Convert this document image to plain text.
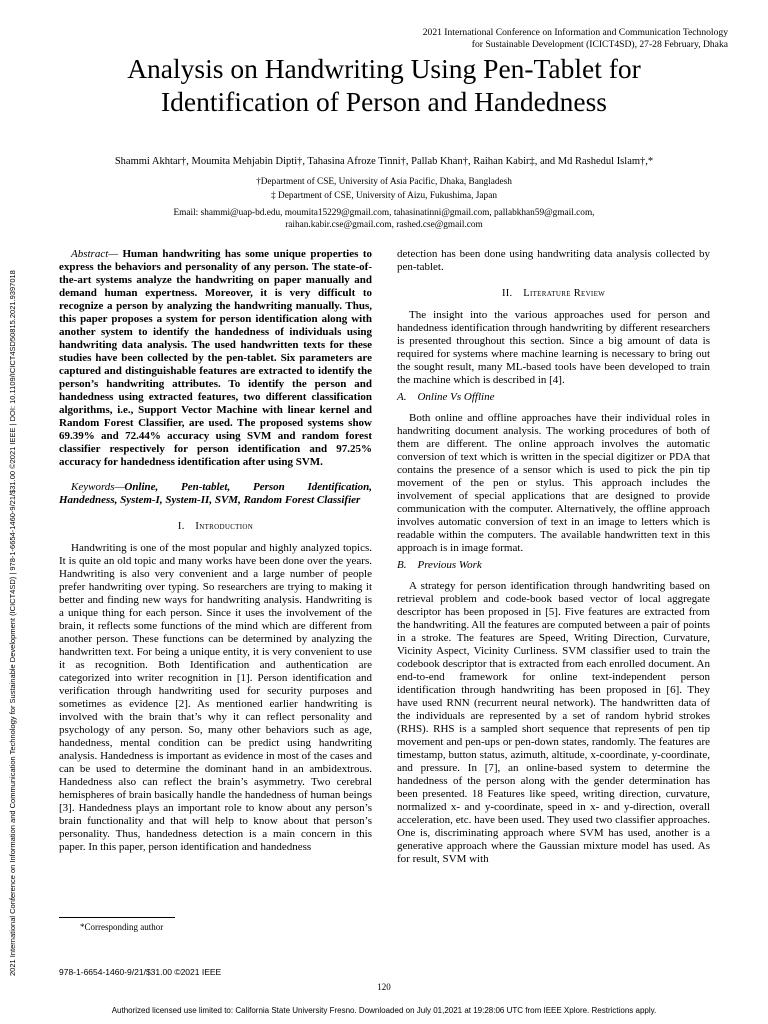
2021 International Conference on Information and Communication Technology
for Sustainable Development (ICICT4SD), 27-28 February, Dhaka
Analysis on Handwriting Using Pen-Tablet for
Identification of Person and Handedness
Shammi Akhtar†, Moumita Mehjabin Dipti†, Tahasina Afroze Tinni†, Pallab Khan†, Raihan Kabir‡, and Md Rashedul Islam†,*
†Department of CSE, University of Asia Pacific, Dhaka, Bangladesh
‡ Department of CSE, University of Aizu, Fukushima, Japan
Email: shammi@uap-bd.edu, moumita15229@gmail.com, tahasinatinni@gmail.com, pallabkhan59@gmail.com,
raihan.kabir.cse@gmail.com, rashed.cse@gmail.com
2021 International Conference on Information and Communication Technology for Sustainable Development (ICICT4SD) | 978-1-6654-1460-9/21/$31.00 ©2021 IEEE | DOI: 10.1109/ICICT4SD50815.2021.9397018

Abstract— Human handwriting has some unique properties to express the behaviors and personality of any person. The state-of-the-art systems analyze the handwriting on paper manually and demand human expertness. Moreover, it is very difficult to recognize a person by analyzing the handwriting manually. Thus, this paper proposes a system for person identification along with another system to identify the handedness of individuals using handwriting data analysis. The used handwritten texts for these studies have been collected by the pen-tablet. Six parameters are captured and distinguishable features are extracted to identify the person’s handwriting attributes. To identify the person and handedness using extracted features, two different classification algorithms, i.e., Support Vector Machine with linear kernel and Random Forest Classifier, are used. The proposed systems show 69.39% and 72.44% accuracy using SVM and random forest classifier respectively for person identification and 97.25% accuracy for handedness identification after using SVM.

Keywords—Online, Pen-tablet, Person Identification, Handedness, System-I, System-II, SVM, Random Forest Classifier

I. Introduction

Handwriting is one of the most popular and highly analyzed topics. It is quite an old topic and many works have been done over the years. Handwriting is also very convenient and a large number of people prefer handwriting over typing. So researchers are trying to making it better and finding new ways for handwriting analysis. Handwriting is a unique thing for each person. Since it uses the involvement of the brain, it reflects some functions of the mind which are different from another person. These functions can be determined by analyzing the handwritten text. For being a unique entity, it is very convenient to use it as recognition. Both Identification and authentication are categorized into writer recognition in [1]. Person identification and verification through handwriting used for security purposes and sometimes as evidence [2]. As mentioned earlier handwriting is involved with the brain that’s why it can reflect personality and psychology of any person. So, many other behaviors such as age, handedness, mental condition can be predict using handwriting analysis. Handedness is important as evidence in most of the cases and can be used to determine the dominant hand in an ambidextrous. Handedness also can reflect the brain’s asymmetry. Two cerebral hemispheres of brain basically handle the handedness of human beings [3]. Handedness plays an important role to know about any person’s brain functionality and that will help to know about that person’s personality. Thus, handedness detection is a main concern in this paper. In this paper, person identification and handedness

detection has been done using handwriting data analysis collected by pen-tablet.

II. Literature Review

The insight into the various approaches used for person and handedness identification through handwriting by different researchers is presented throughout this section. Since a big amount of data is required for systems where machine learning is necessary to bring out the sought result, many ML-based tools have been developed to train the machine which is described in [4].

A. Online Vs Offline

Both online and offline approaches have their individual roles in handwriting document analysis. The working procedures of both of them are different. The online approach involves the automatic conversion of text which is written in the special digitizer or PDA that contains the presence of a sensor which is used to pick the pin tip movement of the pen or stylus. This approach includes the involvement of special applications that are designed to provide communication with the computer. Alternatively, the offline approach involves automatic conversion of text in an image to letters which is readable within the computers. The available handwritten text in this approach is in image format.

B. Previous Work

A strategy for person identification through handwriting based on retrieval problem and code-book based vector of local aggregate descriptor has been proposed in [5]. Five features are extracted from the handwriting. All the features are computed between a pair of points in a stroke. The features are Speed, Writing Direction, Curvature, Vicinity Aspect, Vicinity Curliness. SVM classifier used to train the codebook descriptor that is extracted from each enrolled document. An end-to-end framework for online text-independent person identification through handwriting has been proposed in [6]. They have used RNN (recurrent neural network). The handwritten data of the individuals are represented by a set of random hybrid strokes (RHS). RHS is a sampled short sequence that represents of pen tip movement and pen-ups or pen-down states, randomly. The features are timestamp, button status, azimuth, altitude, x-coordinate, y-coordinate, and pressure. In [7], an online-based system to determine the handedness of the person along with the gender determination has been presented. 18 Features like speed, writing direction, curvature, normalized x- and y-coordinate, speed in x- and y-direction, overall acceleration, etc. have been used. They used two classifier approaches. One is, discriminating approach where SVM has used, another is a generative approach where the Gaussian mixture model has used. As for result, SVM with

*Corresponding author
978-1-6654-1460-9/21/$31.00 ©2021 IEEE
120
Authorized licensed use limited to: California State University Fresno. Downloaded on July 01,2021 at 19:28:06 UTC from IEEE Xplore. Restrictions apply.
